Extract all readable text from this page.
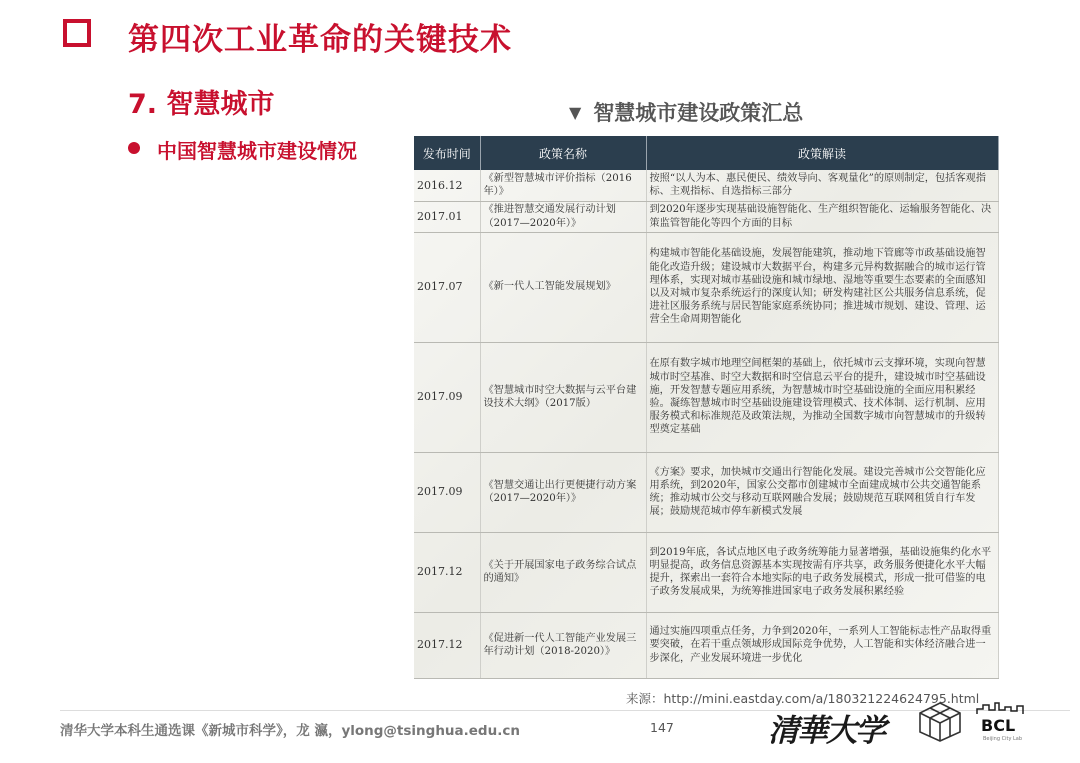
第四次工业革命的关键技术
7. 智慧城市
中国智慧城市建设情况
▼ 智慧城市建设政策汇总
发布时间	政策名称	政策解读
2016.12	《新型智慧城市评价指标（2016年）》	按照“以人为本、惠民便民、绩效导向、客观量化”的原则制定，包括客观指标、主观指标、自选指标三部分
2017.01	《推进智慧交通发展行动计划（2017—2020年）》	到2020年逐步实现基础设施智能化、生产组织智能化、运输服务智能化、决策监管智能化等四个方面的目标
2017.07	《新一代人工智能发展规划》	构建城市智能化基础设施，发展智能建筑，推动地下管廊等市政基础设施智能化改造升级；建设城市大数据平台，构建多元异构数据融合的城市运行管理体系，实现对城市基础设施和城市绿地、湿地等重要生态要素的全面感知以及对城市复杂系统运行的深度认知；研发构建社区公共服务信息系统，促进社区服务系统与居民智能家庭系统协同；推进城市规划、建设、管理、运营全生命周期智能化
2017.09	《智慧城市时空大数据与云平台建设技术大纲》（2017版）	在原有数字城市地理空间框架的基础上，依托城市云支撑环境，实现向智慧城市时空基准、时空大数据和时空信息云平台的提升，建设城市时空基础设施，开发智慧专题应用系统，为智慧城市时空基础设施的全面应用积累经验。凝练智慧城市时空基础设施建设管理模式、技术体制、运行机制、应用服务模式和标准规范及政策法规，为推动全国数字城市向智慧城市的升级转型奠定基础
2017.09	《智慧交通让出行更便捷行动方案（2017—2020年）》	《方案》要求，加快城市交通出行智能化发展。建设完善城市公交智能化应用系统，到2020年，国家公交都市创建城市全面建成城市公共交通智能系统；推动城市公交与移动互联网融合发展；鼓励规范互联网租赁自行车发展；鼓励规范城市停车新模式发展
2017.12	《关于开展国家电子政务综合试点的通知》	到2019年底，各试点地区电子政务统筹能力显著增强，基础设施集约化水平明显提高，政务信息资源基本实现按需有序共享，政务服务便捷化水平大幅提升，探索出一套符合本地实际的电子政务发展模式，形成一批可借鉴的电子政务发展成果，为统筹推进国家电子政务发展积累经验
2017.12	《促进新一代人工智能产业发展三年行动计划（2018-2020）》	通过实施四项重点任务，力争到2020年，一系列人工智能标志性产品取得重要突破，在若干重点领域形成国际竞争优势，人工智能和实体经济融合进一步深化，产业发展环境进一步优化
来源：http://mini.eastday.com/a/180321224624795.html
清华大学本科生通选课《新城市科学》，龙 瀛，ylong@tsinghua.edu.cn	147	清華大学	BCL
Beijing City Lab
